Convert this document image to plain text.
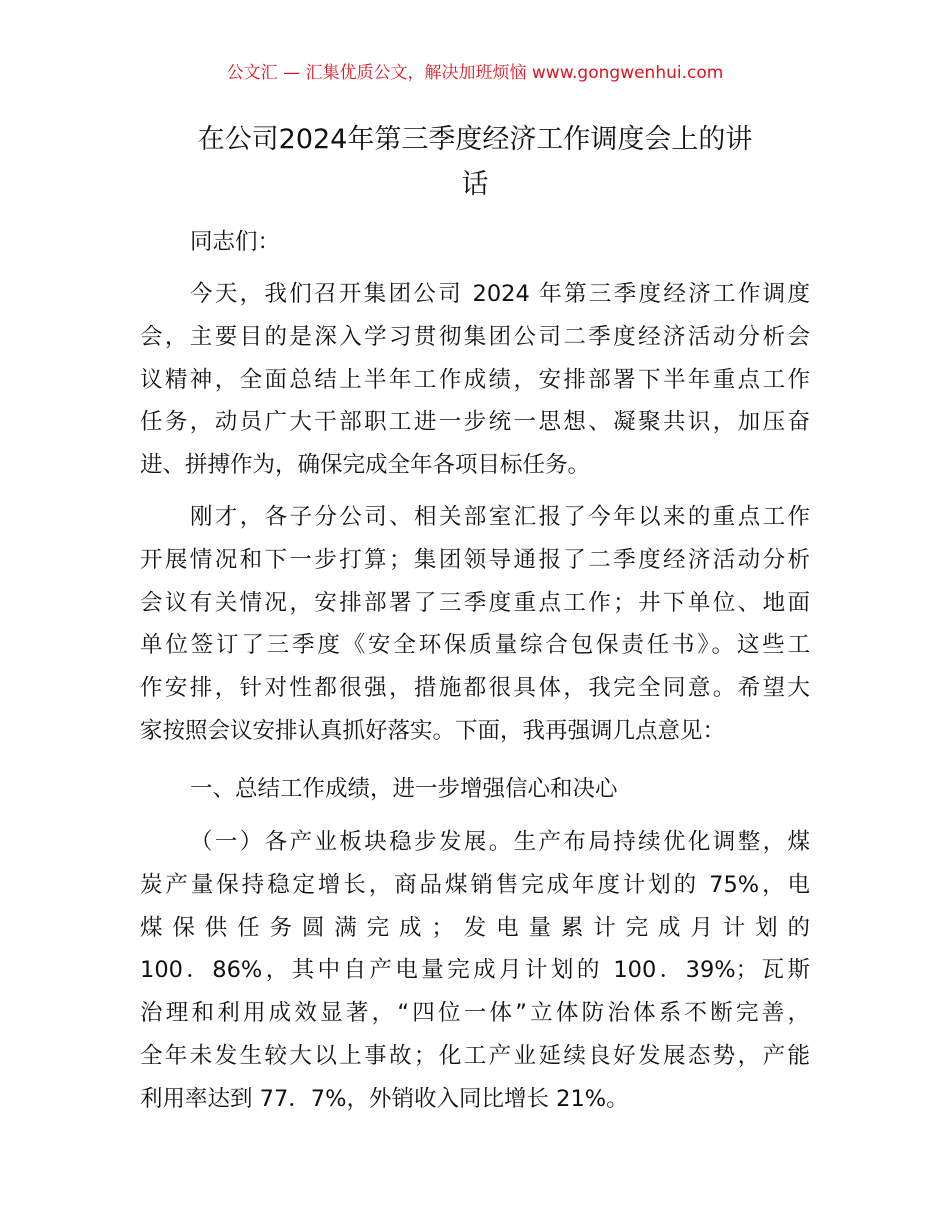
公文汇 — 汇集优质公文，解决加班烦恼 www.gongwenhui.com
在公司2024年第三季度经济工作调度会上的讲
话
同志们：
今天，我们召开集团公司 2024 年第三季度经济工作调度
会，主要目的是深入学习贯彻集团公司二季度经济活动分析会
议精神，全面总结上半年工作成绩，安排部署下半年重点工作
任务，动员广大干部职工进一步统一思想、凝聚共识，加压奋
进、拼搏作为，确保完成全年各项目标任务。
刚才，各子分公司、相关部室汇报了今年以来的重点工作
开展情况和下一步打算；集团领导通报了二季度经济活动分析
会议有关情况，安排部署了三季度重点工作；井下单位、地面
单位签订了三季度《安全环保质量综合包保责任书》。这些工
作安排，针对性都很强，措施都很具体，我完全同意。希望大
家按照会议安排认真抓好落实。下面，我再强调几点意见：
一、总结工作成绩，进一步增强信心和决心
（一）各产业板块稳步发展。生产布局持续优化调整，煤
炭产量保持稳定增长，商品煤销售完成年度计划的 75%，电
煤保供任务圆满完成；发电量累计完成月计划的
100．86%，其中自产电量完成月计划的 100．39%；瓦斯
治理和利用成效显著，“四位一体”立体防治体系不断完善，
全年未发生较大以上事故；化工产业延续良好发展态势，产能
利用率达到 77．7%，外销收入同比增长 21%。
